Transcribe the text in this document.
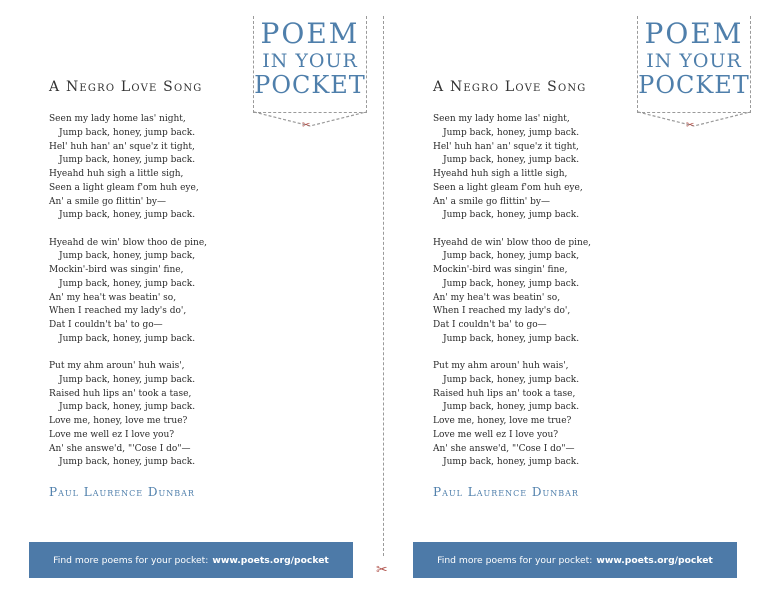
POEM
IN YOUR
POCKET
✂
A Negro Love Song
Seen my lady home las' night,
Jump back, honey, jump back.
Hel' huh han' an' sque'z it tight,
Jump back, honey, jump back.
Hyeahd huh sigh a little sigh,
Seen a light gleam f'om huh eye,
An' a smile go flittin' by—
Jump back, honey, jump back.
Hyeahd de win' blow thoo de pine,
Jump back, honey, jump back,
Mockin'-bird was singin' fine,
Jump back, honey, jump back.
An' my hea't was beatin' so,
When I reached my lady's do',
Dat I couldn't ba' to go—
Jump back, honey, jump back.
Put my ahm aroun' huh wais',
Jump back, honey, jump back.
Raised huh lips an' took a tase,
Jump back, honey, jump back.
Love me, honey, love me true?
Love me well ez I love you?
An' she answe'd, "'Cose I do"—
Jump back, honey, jump back.
Paul Laurence Dunbar
Find more poems for your pocket: www.poets.org/pocket
✂
POEM
IN YOUR
POCKET
✂
A Negro Love Song
Seen my lady home las' night,
Jump back, honey, jump back.
Hel' huh han' an' sque'z it tight,
Jump back, honey, jump back.
Hyeahd huh sigh a little sigh,
Seen a light gleam f'om huh eye,
An' a smile go flittin' by—
Jump back, honey, jump back.
Hyeahd de win' blow thoo de pine,
Jump back, honey, jump back,
Mockin'-bird was singin' fine,
Jump back, honey, jump back.
An' my hea't was beatin' so,
When I reached my lady's do',
Dat I couldn't ba' to go—
Jump back, honey, jump back.
Put my ahm aroun' huh wais',
Jump back, honey, jump back.
Raised huh lips an' took a tase,
Jump back, honey, jump back.
Love me, honey, love me true?
Love me well ez I love you?
An' she answe'd, "'Cose I do"—
Jump back, honey, jump back.
Paul Laurence Dunbar
Find more poems for your pocket: www.poets.org/pocket
